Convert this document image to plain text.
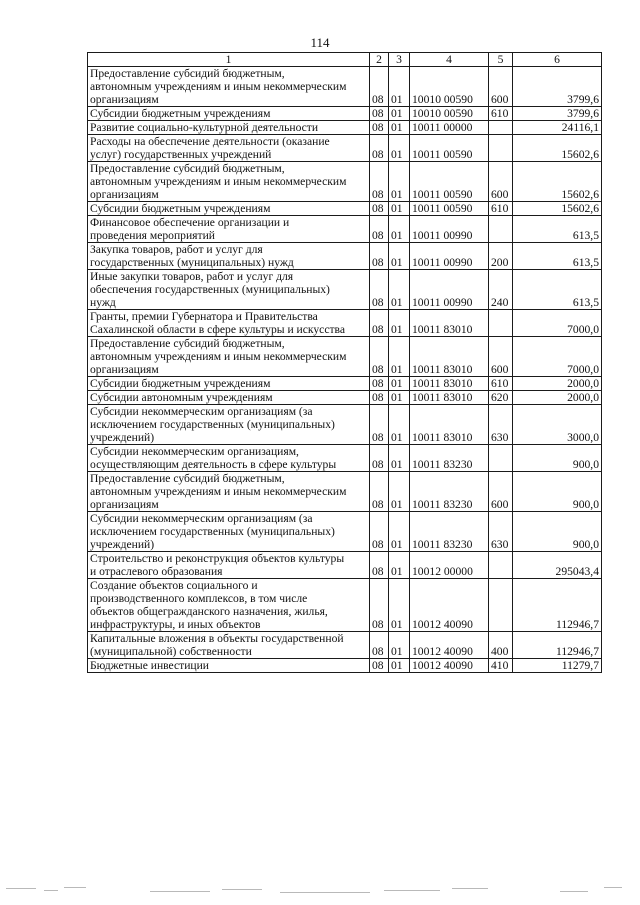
114
1	2	3	4	5	6

Предоставление субсидий бюджетным,
автономным учреждениям и иным некоммерческим
организациям	08	01	10010 00590	600	3799,6

Субсидии бюджетным учреждениям	08	01	10010 00590	610	3799,6

Развитие социально-культурной деятельности	08	01	10011 00000		24116,1

Расходы на обеспечение деятельности (оказание
услуг) государственных учреждений	08	01	10011 00590		15602,6

Предоставление субсидий бюджетным,
автономным учреждениям и иным некоммерческим
организациям	08	01	10011 00590	600	15602,6

Субсидии бюджетным учреждениям	08	01	10011 00590	610	15602,6

Финансовое обеспечение организации и
проведения мероприятий	08	01	10011 00990		613,5

Закупка товаров, работ и услуг для
государственных (муниципальных) нужд	08	01	10011 00990	200	613,5

Иные закупки товаров, работ и услуг для
обеспечения государственных (муниципальных)
нужд	08	01	10011 00990	240	613,5

Гранты, премии Губернатора и Правительства
Сахалинской области в сфере культуры и искусства	08	01	10011 83010		7000,0

Предоставление субсидий бюджетным,
автономным учреждениям и иным некоммерческим
организациям	08	01	10011 83010	600	7000,0

Субсидии бюджетным учреждениям	08	01	10011 83010	610	2000,0

Субсидии автономным учреждениям	08	01	10011 83010	620	2000,0

Субсидии некоммерческим организациям (за
исключением государственных (муниципальных)
учреждений)	08	01	10011 83010	630	3000,0

Субсидии некоммерческим организациям,
осуществляющим деятельность в сфере культуры	08	01	10011 83230		900,0

Предоставление субсидий бюджетным,
автономным учреждениям и иным некоммерческим
организациям	08	01	10011 83230	600	900,0

Субсидии некоммерческим организациям (за
исключением государственных (муниципальных)
учреждений)	08	01	10011 83230	630	900,0

Строительство и реконструкция объектов культуры
и отраслевого образования	08	01	10012 00000		295043,4

Создание объектов социального и
производственного комплексов, в том числе
объектов общегражданского назначения, жилья,
инфраструктуры, и иных объектов	08	01	10012 40090		112946,7

Капитальные вложения в объекты государственной
(муниципальной) собственности	08	01	10012 40090	400	112946,7

Бюджетные инвестиции	08	01	10012 40090	410	11279,7
